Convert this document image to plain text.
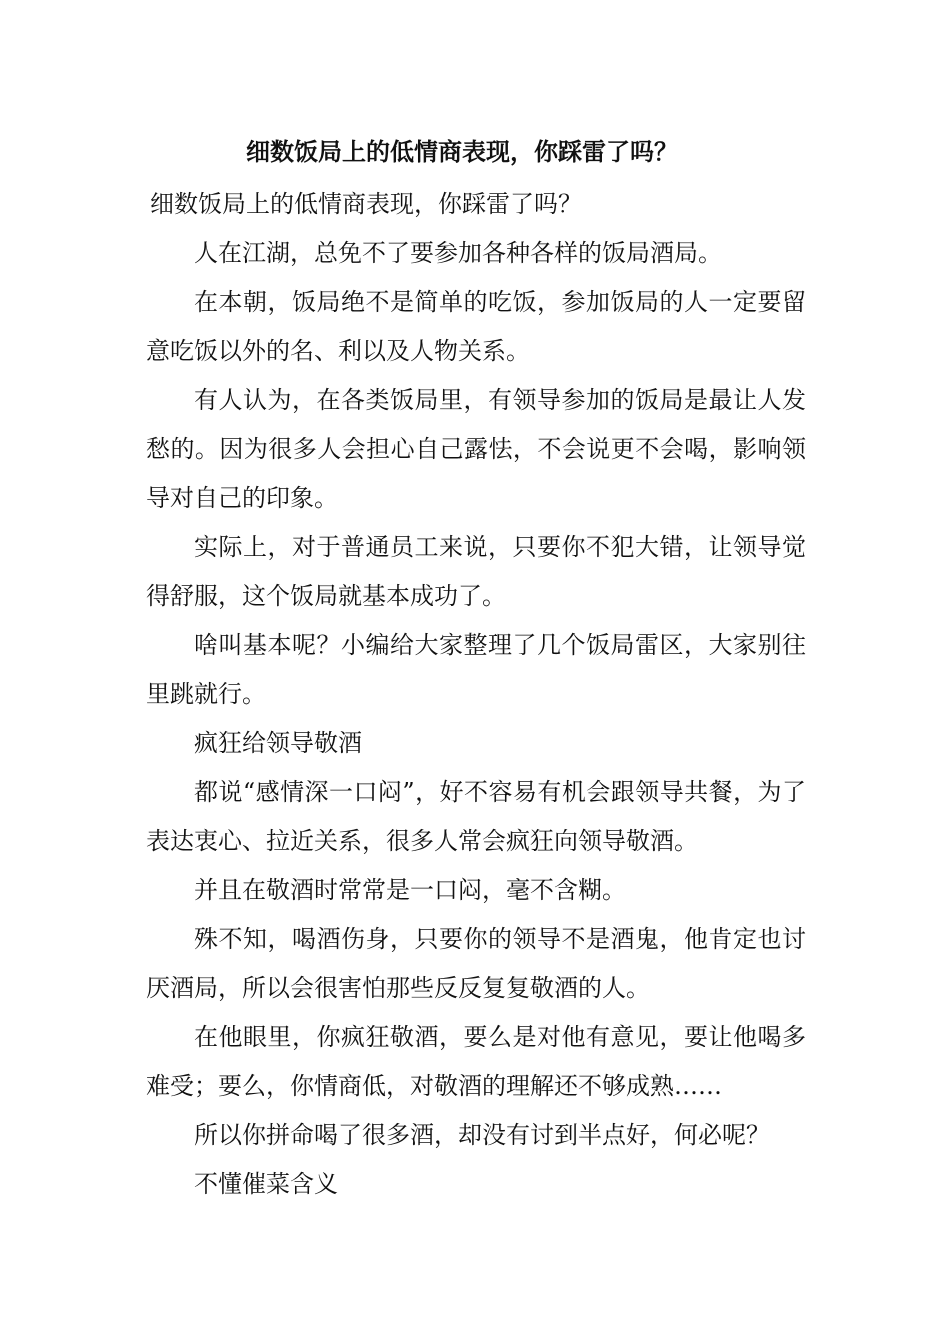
细数饭局上的低情商表现，你踩雷了吗？

细数饭局上的低情商表现，你踩雷了吗？

人在江湖，总免不了要参加各种各样的饭局酒局。

在本朝，饭局绝不是简单的吃饭，参加饭局的人一定要留意吃饭以外的名、利以及人物关系。

有人认为，在各类饭局里，有领导参加的饭局是最让人发愁的。因为很多人会担心自己露怯，不会说更不会喝，影响领导对自己的印象。

实际上，对于普通员工来说，只要你不犯大错，让领导觉得舒服，这个饭局就基本成功了。

啥叫基本呢？小编给大家整理了几个饭局雷区，大家别往里跳就行。

疯狂给领导敬酒

都说“感情深一口闷”，好不容易有机会跟领导共餐，为了表达衷心、拉近关系，很多人常会疯狂向领导敬酒。

并且在敬酒时常常是一口闷，毫不含糊。

殊不知，喝酒伤身，只要你的领导不是酒鬼，他肯定也讨厌酒局，所以会很害怕那些反反复复敬酒的人。

在他眼里，你疯狂敬酒，要么是对他有意见，要让他喝多难受；要么，你情商低，对敬酒的理解还不够成熟……

所以你拼命喝了很多酒，却没有讨到半点好，何必呢？

不懂催菜含义
